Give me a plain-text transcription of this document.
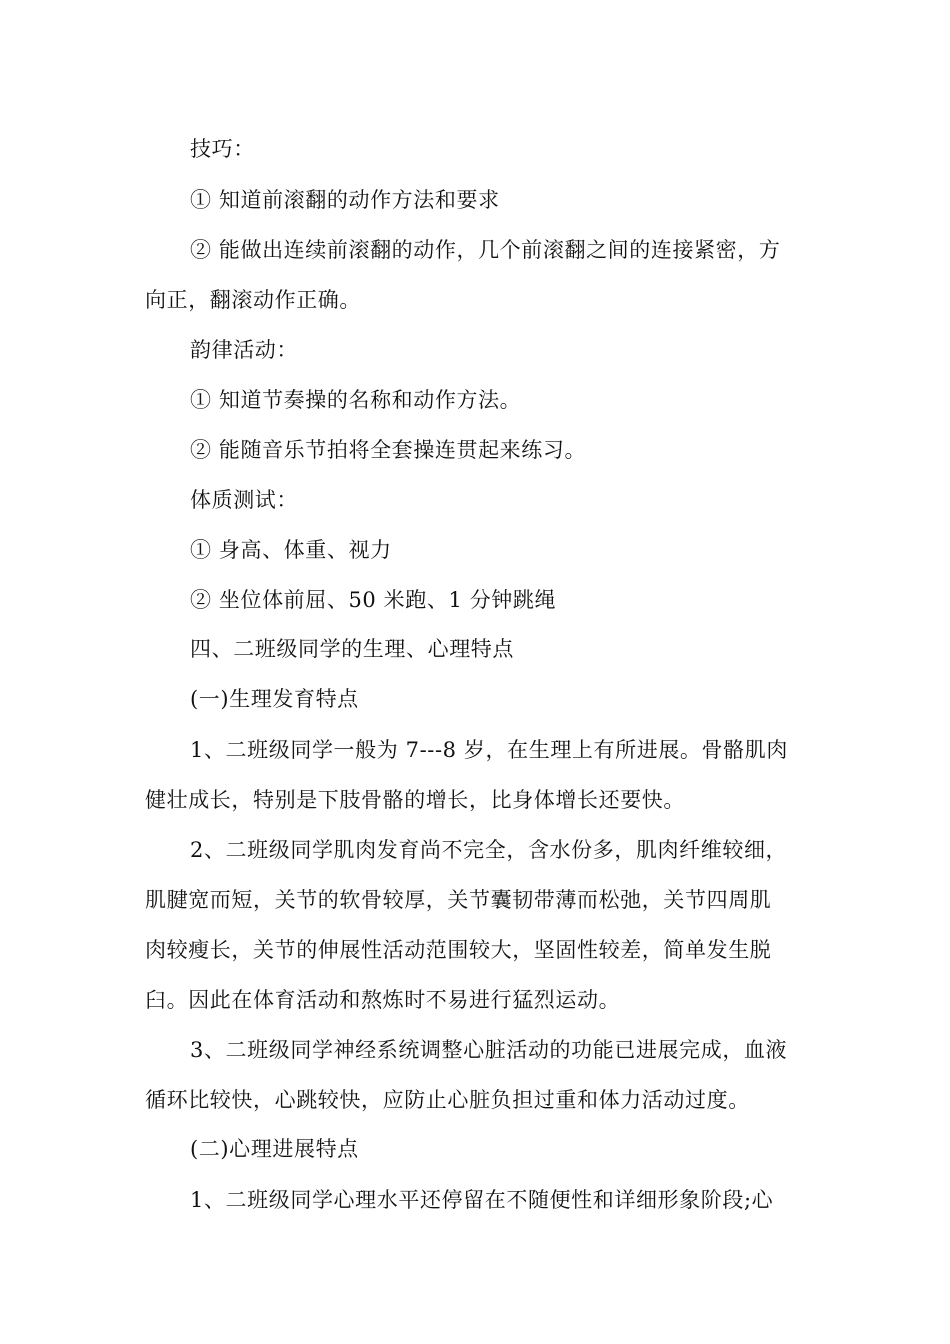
技巧：
① 知道前滚翻的动作方法和要求
② 能做出连续前滚翻的动作，几个前滚翻之间的连接紧密，方
向正，翻滚动作正确。
韵律活动：
① 知道节奏操的名称和动作方法。
② 能随音乐节拍将全套操连贯起来练习。
体质测试：
① 身高、体重、视力
② 坐位体前屈、50 米跑、1 分钟跳绳
四、二班级同学的生理、心理特点
(一)生理发育特点
1、二班级同学一般为 7---8 岁，在生理上有所进展。骨骼肌肉
健壮成长，特别是下肢骨骼的增长，比身体增长还要快。
2、二班级同学肌肉发育尚不完全，含水份多，肌肉纤维较细，
肌腱宽而短，关节的软骨较厚，关节囊韧带薄而松弛，关节四周肌
肉较瘦长，关节的伸展性活动范围较大，坚固性较差，简单发生脱
臼。因此在体育活动和熬炼时不易进行猛烈运动。
3、二班级同学神经系统调整心脏活动的功能已进展完成，血液
循环比较快，心跳较快，应防止心脏负担过重和体力活动过度。
(二)心理进展特点
1、二班级同学心理水平还停留在不随便性和详细形象阶段;心
